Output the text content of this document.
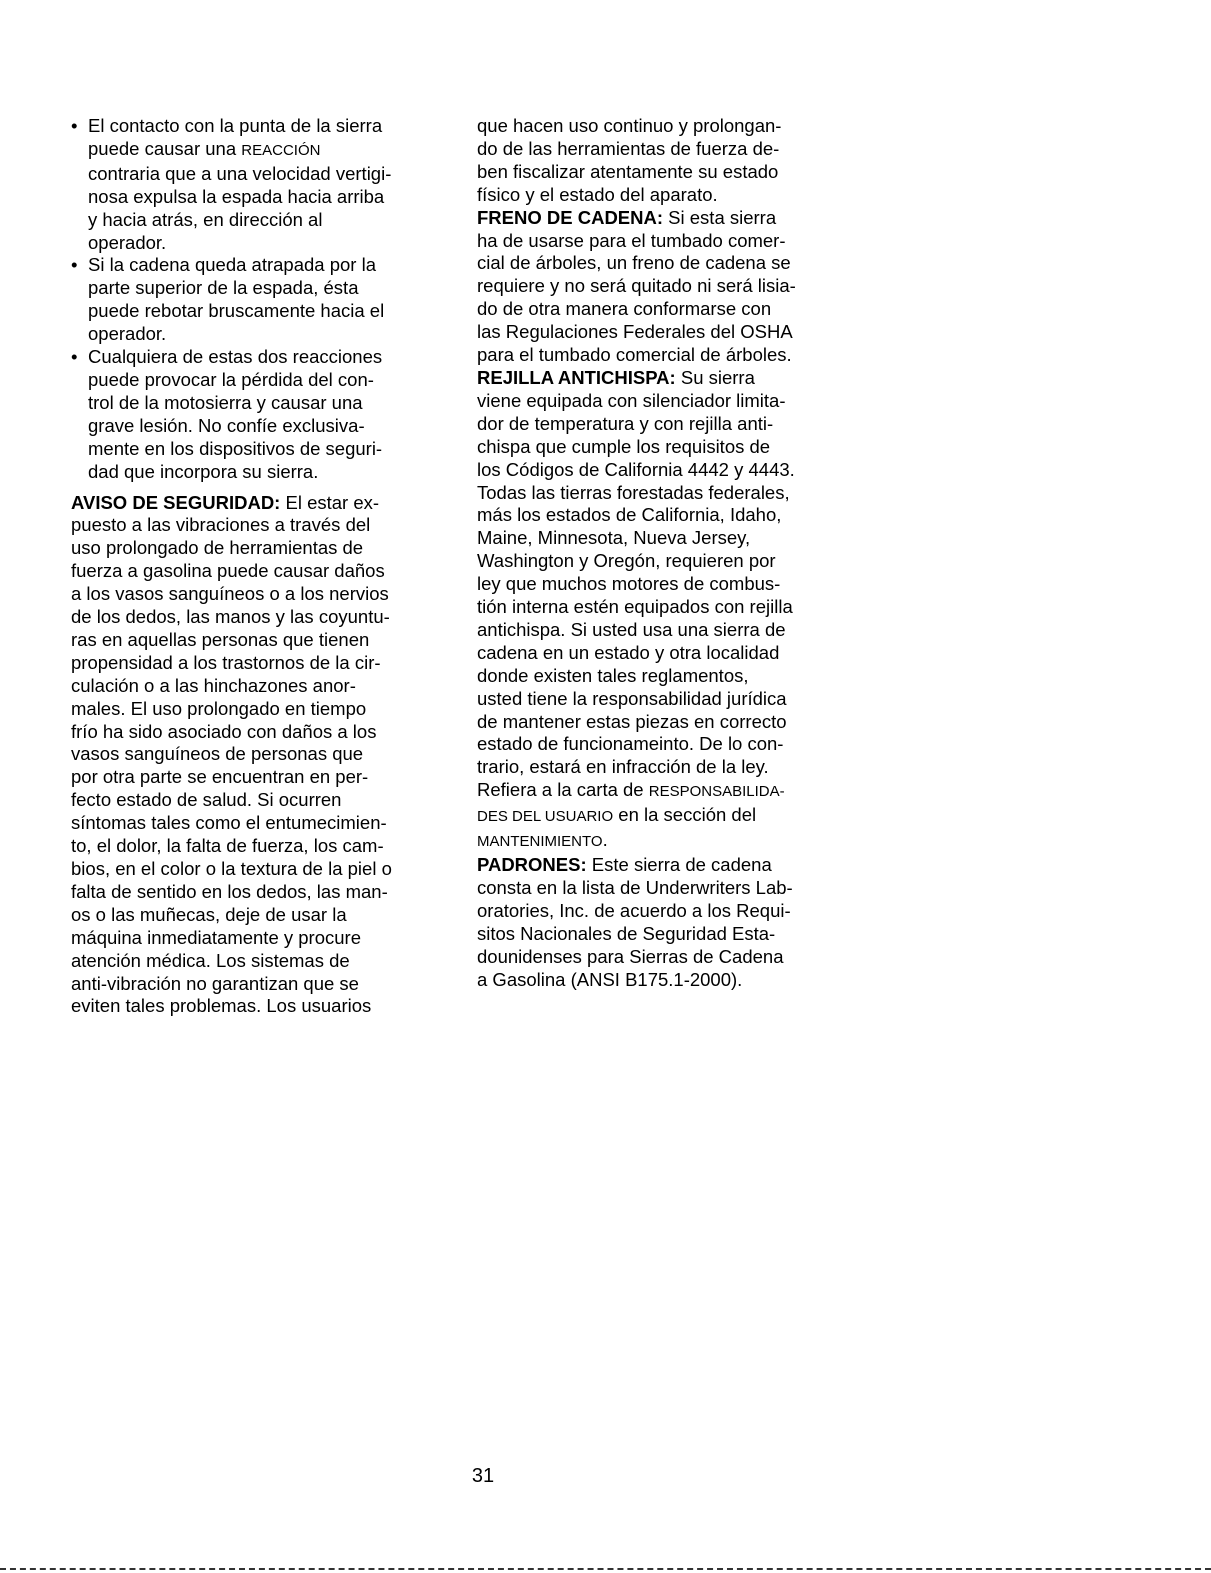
• El contacto con la punta de la sierra
puede causar una REACCIÓN
contraria que a una velocidad vertigi-
nosa expulsa la espada hacia arriba
y hacia atrás, en dirección al
operador.
• Si la cadena queda atrapada por la
parte superior de la espada, ésta
puede rebotar bruscamente hacia el
operador.
• Cualquiera de estas dos reacciones
puede provocar la pérdida del con-
trol de la motosierra y causar una
grave lesión. No confíe exclusiva-
mente en los dispositivos de seguri-
dad que incorpora su sierra.
AVISO DE SEGURIDAD: El estar ex-
puesto a las vibraciones a través del
uso prolongado de herramientas de
fuerza a gasolina puede causar daños
a los vasos sanguíneos o a los nervios
de los dedos, las manos y las coyuntu-
ras en aquellas personas que tienen
propensidad a los trastornos de la cir-
culación o a las hinchazones anor-
males. El uso prolongado en tiempo
frío ha sido asociado con daños a los
vasos sanguíneos de personas que
por otra parte se encuentran en per-
fecto estado de salud. Si ocurren
síntomas tales como el entumecimien-
to, el dolor, la falta de fuerza, los cam-
bios, en el color o la textura de la piel o
falta de sentido en los dedos, las man-
os o las muñecas, deje de usar la
máquina inmediatamente y procure
atención médica. Los sistemas de
anti-vibración no garantizan que se
eviten tales problemas. Los usuarios
que hacen uso continuo y prolongan-
do de las herramientas de fuerza de-
ben fiscalizar atentamente su estado
físico y el estado del aparato.
FRENO DE CADENA: Si esta sierra
ha de usarse para el tumbado comer-
cial de árboles, un freno de cadena se
requiere y no será quitado ni será lisia-
do de otra manera conformarse con
las Regulaciones Federales del OSHA
para el tumbado comercial de árboles.
REJILLA ANTICHISPA: Su sierra
viene equipada con silenciador limita-
dor de temperatura y con rejilla anti-
chispa que cumple los requisitos de
los Códigos de California 4442 y 4443.
Todas las tierras forestadas federales,
más los estados de California, Idaho,
Maine, Minnesota, Nueva Jersey,
Washington y Oregón, requieren por
ley que muchos motores de combus-
tión interna estén equipados con rejilla
antichispa. Si usted usa una sierra de
cadena en un estado y otra localidad
donde existen tales reglamentos,
usted tiene la responsabilidad jurídica
de mantener estas piezas en correcto
estado de funcionameinto. De lo con-
trario, estará en infracción de la ley.
Refiera a la carta de RESPONSABILIDA-
DES DEL USUARIO en la sección del
MANTENIMIENTO.
PADRONES: Este sierra de cadena
consta en la lista de Underwriters Lab-
oratories, Inc. de acuerdo a los Requi-
sitos Nacionales de Seguridad Esta-
dounidenses para Sierras de Cadena
a Gasolina (ANSI B175.1-2000).
31
